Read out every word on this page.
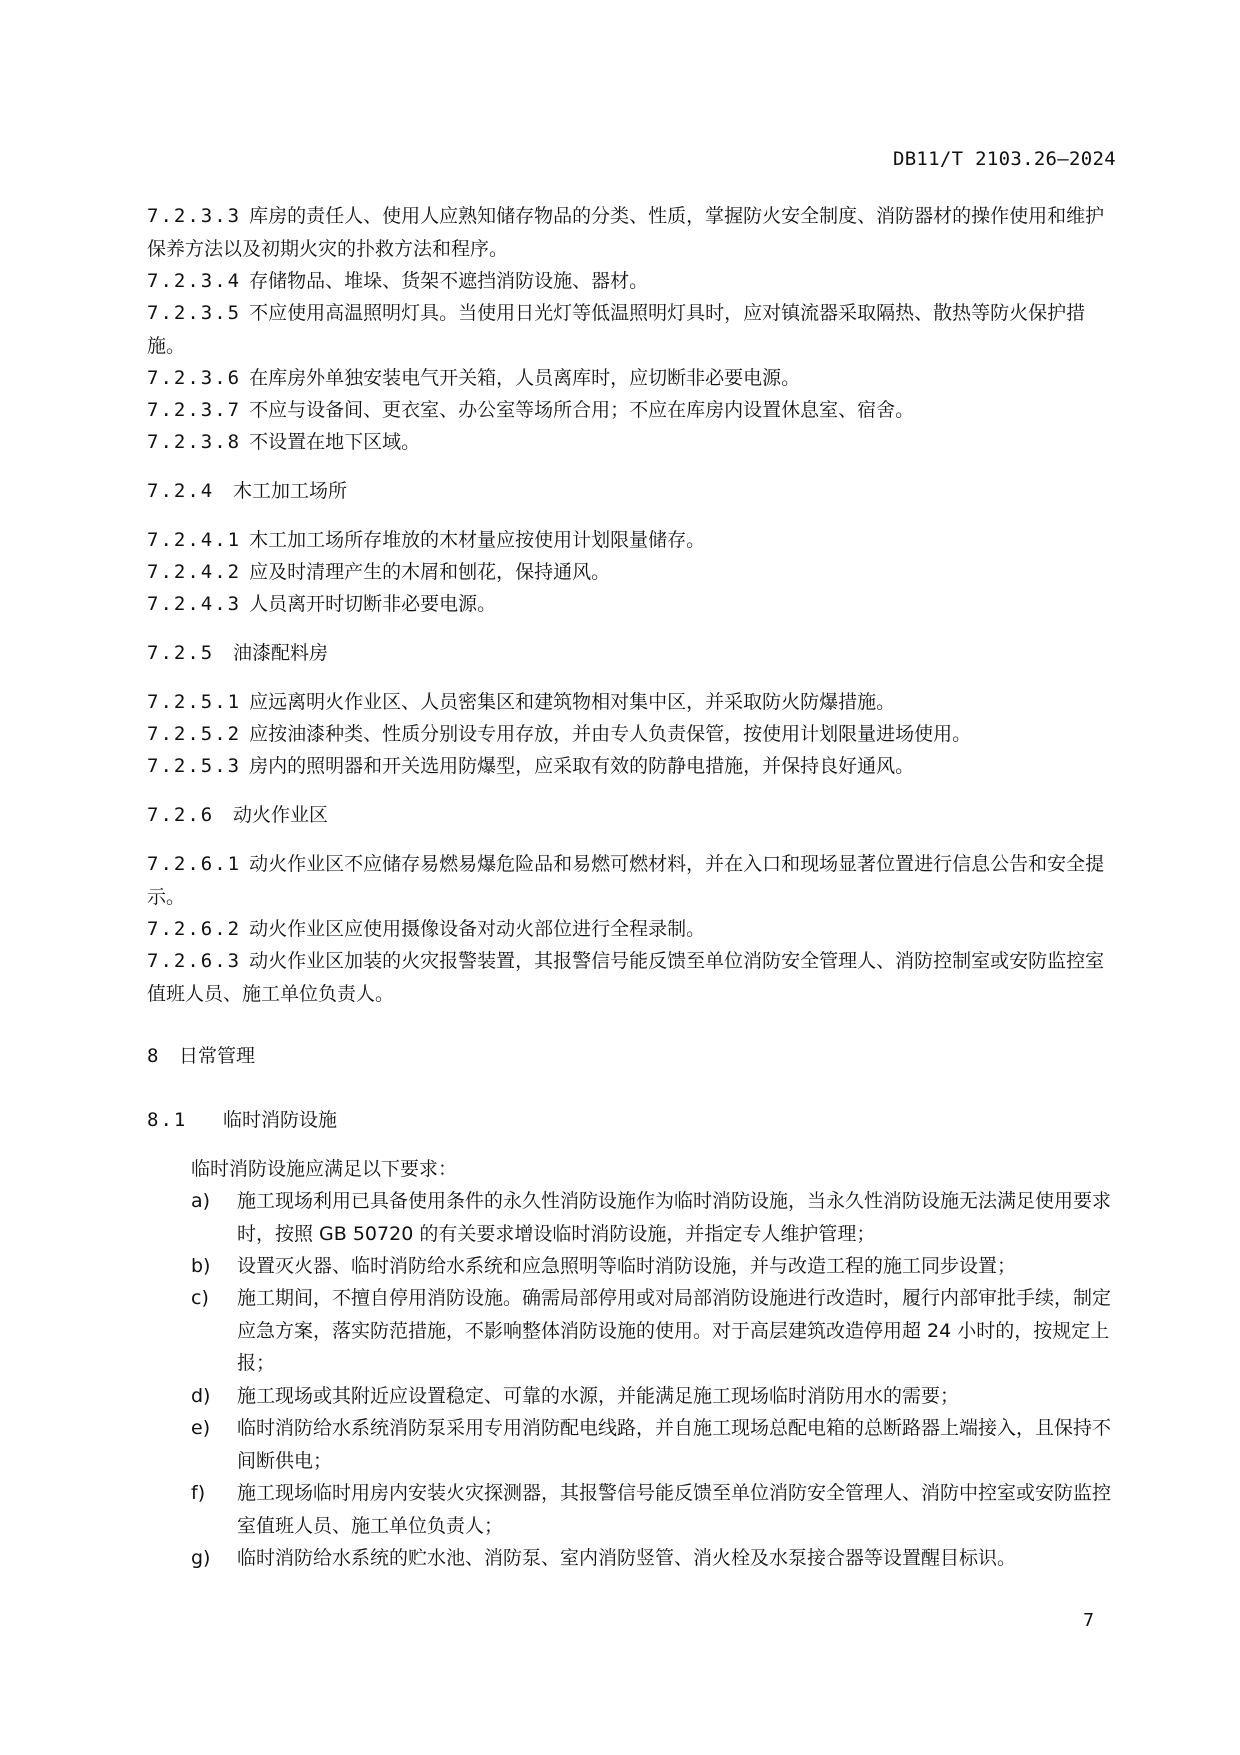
DB11/T 2103.26—2024
7.2.3.3 库房的责任人、使用人应熟知储存物品的分类、性质，掌握防火安全制度、消防器材的操作使用和维护保养方法以及初期火灾的扑救方法和程序。
7.2.3.4 存储物品、堆垛、货架不遮挡消防设施、器材。
7.2.3.5 不应使用高温照明灯具。当使用日光灯等低温照明灯具时，应对镇流器采取隔热、散热等防火保护措施。
7.2.3.6 在库房外单独安装电气开关箱，人员离库时，应切断非必要电源。
7.2.3.7 不应与设备间、更衣室、办公室等场所合用；不应在库房内设置休息室、宿舍。
7.2.3.8 不设置在地下区域。
7.2.4 木工加工场所
7.2.4.1 木工加工场所存堆放的木材量应按使用计划限量储存。
7.2.4.2 应及时清理产生的木屑和刨花，保持通风。
7.2.4.3 人员离开时切断非必要电源。
7.2.5 油漆配料房
7.2.5.1 应远离明火作业区、人员密集区和建筑物相对集中区，并采取防火防爆措施。
7.2.5.2 应按油漆种类、性质分别设专用存放，并由专人负责保管，按使用计划限量进场使用。
7.2.5.3 房内的照明器和开关选用防爆型，应采取有效的防静电措施，并保持良好通风。
7.2.6 动火作业区
7.2.6.1 动火作业区不应储存易燃易爆危险品和易燃可燃材料，并在入口和现场显著位置进行信息公告和安全提示。
7.2.6.2 动火作业区应使用摄像设备对动火部位进行全程录制。
7.2.6.3 动火作业区加装的火灾报警装置，其报警信号能反馈至单位消防安全管理人、消防控制室或安防监控室值班人员、施工单位负责人。
8 日常管理
8.1 临时消防设施
临时消防设施应满足以下要求：
a) 施工现场利用已具备使用条件的永久性消防设施作为临时消防设施，当永久性消防设施无法满足使用要求时，按照 GB 50720 的有关要求增设临时消防设施，并指定专人维护管理；
b) 设置灭火器、临时消防给水系统和应急照明等临时消防设施，并与改造工程的施工同步设置；
c) 施工期间，不擅自停用消防设施。确需局部停用或对局部消防设施进行改造时，履行内部审批手续，制定应急方案，落实防范措施，不影响整体消防设施的使用。对于高层建筑改造停用超 24 小时的，按规定上报；
d) 施工现场或其附近应设置稳定、可靠的水源，并能满足施工现场临时消防用水的需要；
e) 临时消防给水系统消防泵采用专用消防配电线路，并自施工现场总配电箱的总断路器上端接入，且保持不间断供电；
f) 施工现场临时用房内安装火灾探测器，其报警信号能反馈至单位消防安全管理人、消防中控室或安防监控室值班人员、施工单位负责人；
g) 临时消防给水系统的贮水池、消防泵、室内消防竖管、消火栓及水泵接合器等设置醒目标识。
7
